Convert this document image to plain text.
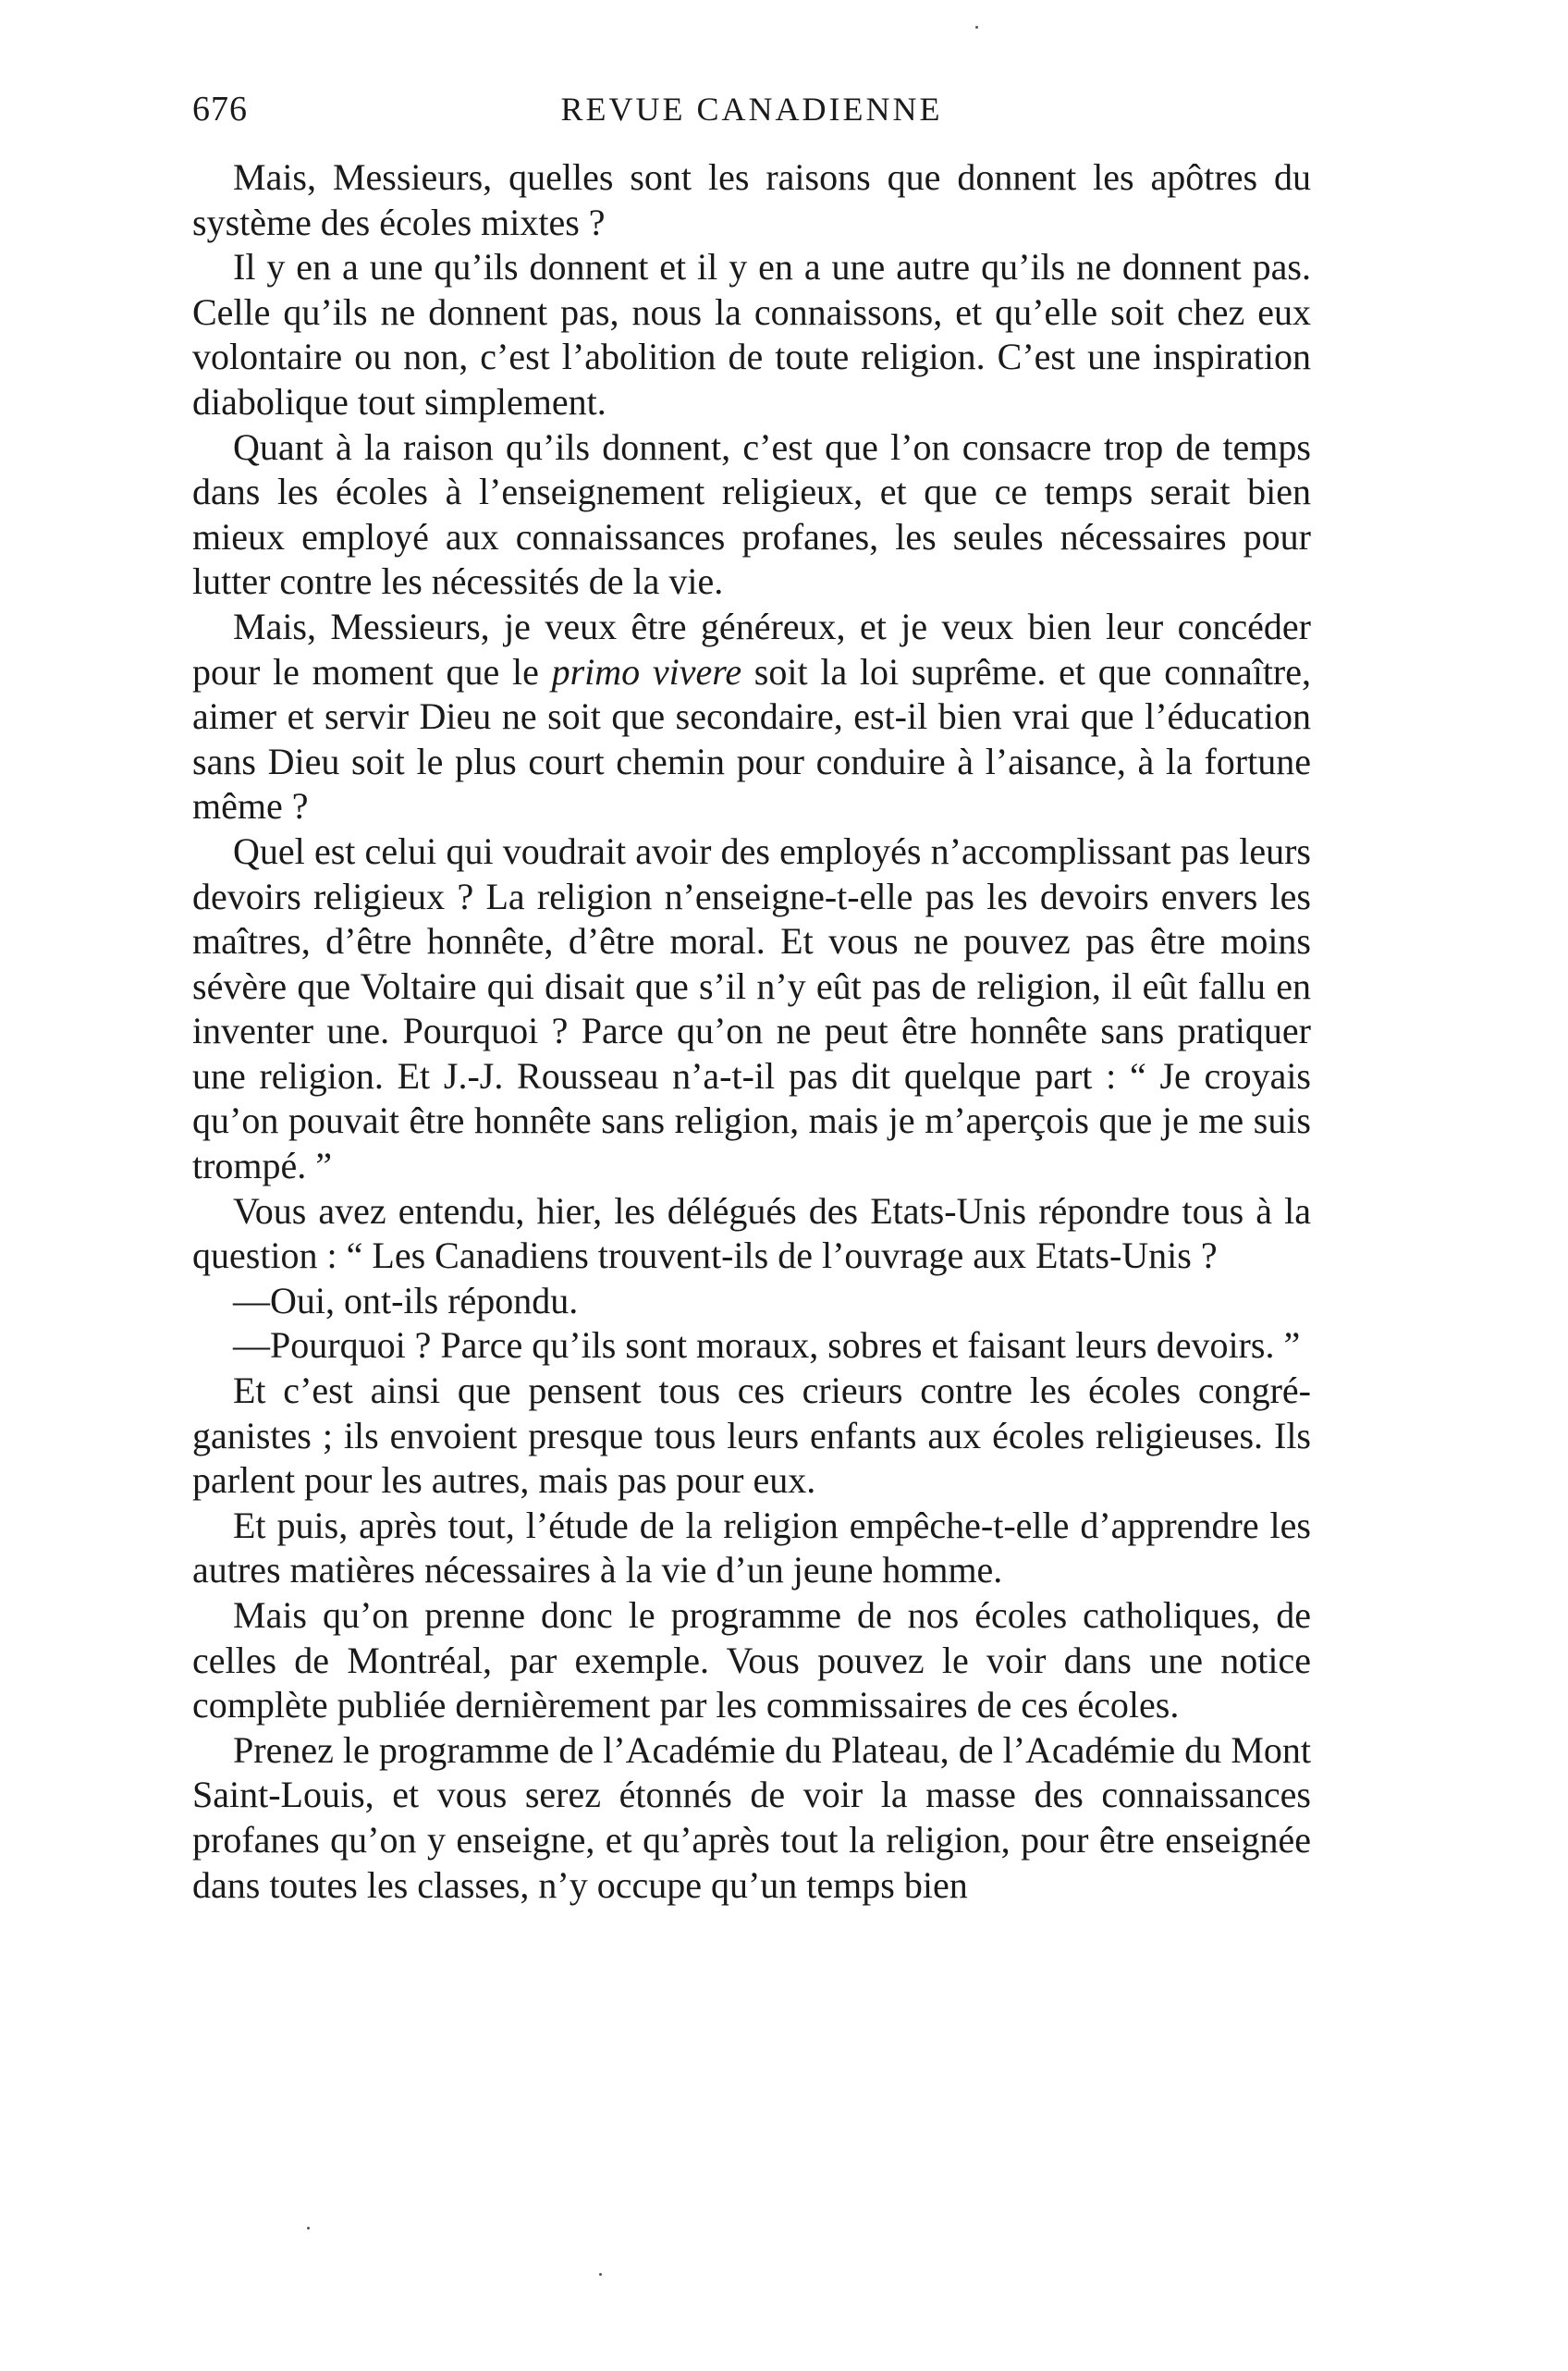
676	REVUE CANADIENNE

Mais, Messieurs, quelles sont les raisons que donnent les apôtres du système des écoles mixtes ?

Il y en a une qu’ils donnent et il y en a une autre qu’ils ne donnent pas. Celle qu’ils ne donnent pas, nous la connaissons, et qu’elle soit chez eux volontaire ou non, c’est l’abolition de toute religion. C’est une inspiration diabolique tout simplement.

Quant à la raison qu’ils donnent, c’est que l’on consacre trop de temps dans les écoles à l’enseignement religieux, et que ce temps serait bien mieux employé aux connaissances profanes, les seules nécessaires pour lutter contre les nécessités de la vie.

Mais, Messieurs, je veux être généreux, et je veux bien leur concéder pour le moment que le primo vivere soit la loi suprême. et que connaître, aimer et servir Dieu ne soit que secondaire, est-il bien vrai que l’éducation sans Dieu soit le plus court chemin pour conduire à l’aisance, à la fortune même ?

Quel est celui qui voudrait avoir des employés n’accomplissant pas leurs devoirs religieux ? La religion n’enseigne-t-elle pas les devoirs envers les maîtres, d’être honnête, d’être moral. Et vous ne pouvez pas être moins sévère que Voltaire qui disait que s’il n’y eût pas de religion, il eût fallu en inventer une. Pourquoi ? Parce qu’on ne peut être honnête sans pratiquer une religion. Et J.-J. Rousseau n’a-t-il pas dit quelque part : “ Je croyais qu’on pouvait être honnête sans religion, mais je m’aperçois que je me suis trompé. ”

Vous avez entendu, hier, les délégués des Etats-Unis répondre tous à la question : “ Les Canadiens trouvent-ils de l’ouvrage aux Etats-Unis ?

—Oui, ont-ils répondu.

—Pourquoi ? Parce qu’ils sont moraux, sobres et faisant leurs devoirs. ”

Et c’est ainsi que pensent tous ces crieurs contre les écoles congréganistes ; ils envoient presque tous leurs enfants aux écoles religieuses. Ils parlent pour les autres, mais pas pour eux.

Et puis, après tout, l’étude de la religion empêche-t-elle d’apprendre les autres matières nécessaires à la vie d’un jeune homme.

Mais qu’on prenne donc le programme de nos écoles catholiques, de celles de Montréal, par exemple. Vous pouvez le voir dans une notice complète publiée dernièrement par les commissaires de ces écoles.

Prenez le programme de l’Académie du Plateau, de l’Académie du Mont Saint-Louis, et vous serez étonnés de voir la masse des connaissances profanes qu’on y enseigne, et qu’après tout la religion, pour être enseignée dans toutes les classes, n’y occupe qu’un temps bien
